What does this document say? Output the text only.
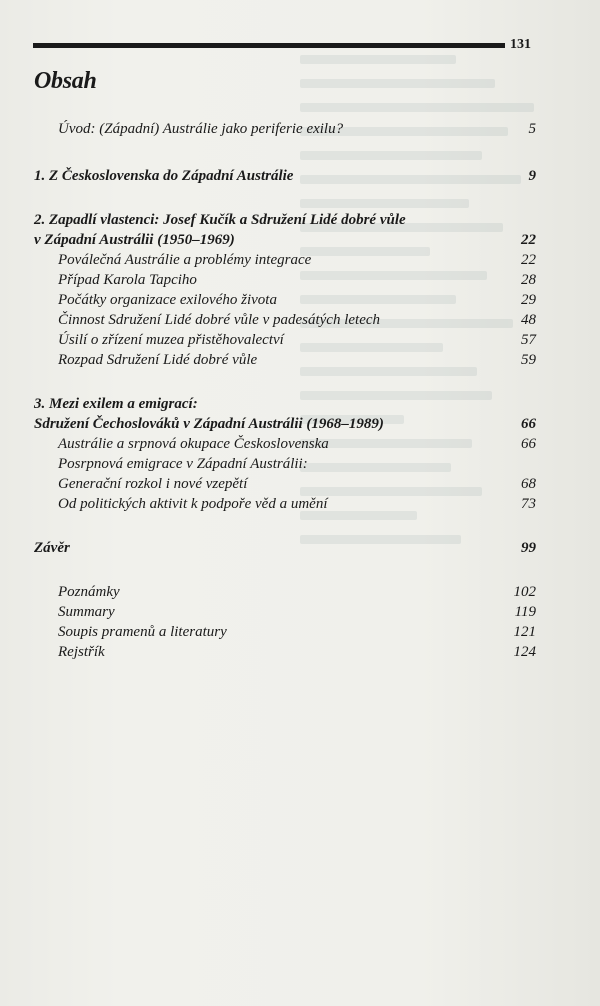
131
Obsah
Úvod: (Západní) Austrálie jako periferie exilu?	5
1. Z Československa do Západní Austrálie	9
2. Zapadlí vlastenci: Josef Kučík a Sdružení Lidé dobré vůle
v Západní Austrálii (1950–1969)	22
Poválečná Austrálie a problémy integrace	22
Případ Karola Tapciho	28
Počátky organizace exilového života	29
Činnost Sdružení Lidé dobré vůle v padesátých letech	48
Úsilí o zřízení muzea přistěhovalectví	57
Rozpad Sdružení Lidé dobré vůle	59
3. Mezi exilem a emigrací:
Sdružení Čechoslováků v Západní Austrálii (1968–1989)	66
Austrálie a srpnová okupace Československa	66
Posrpnová emigrace v Západní Austrálii:
Generační rozkol i nové vzepětí	68
Od politických aktivit k podpoře věd a umění	73
Závěr	99
Poznámky	102
Summary	119
Soupis pramenů a literatury	121
Rejstřík	124
